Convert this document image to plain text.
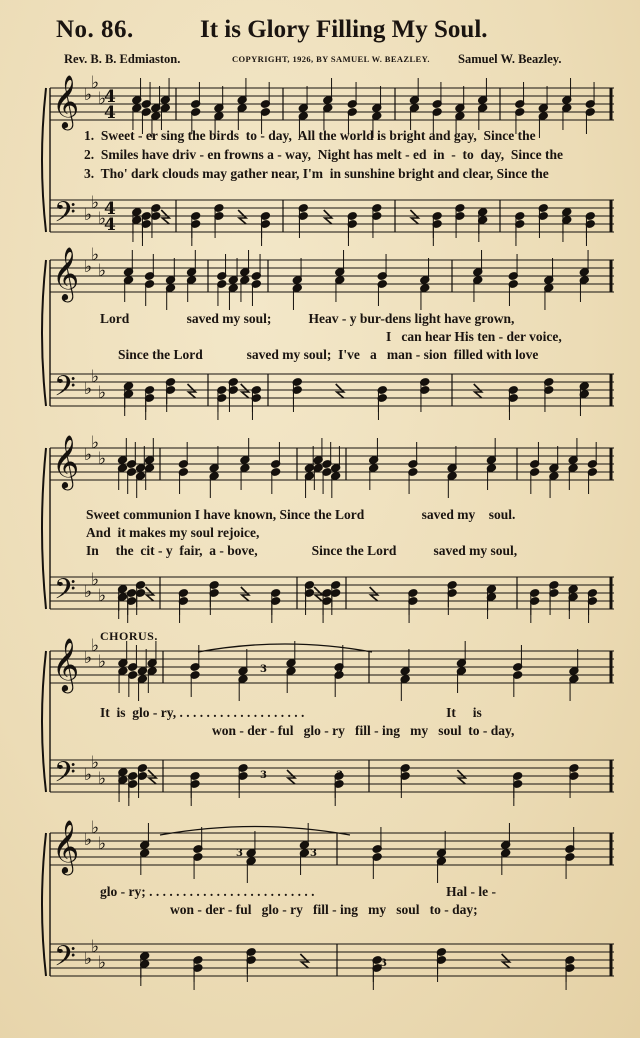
No. 86.	It is Glory Filling My Soul.
Rev. B. B. Edmiaston.	COPYRIGHT, 1926, BY SAMUEL W. BEAZLEY. Samuel W. Beazley.
𝄞
𝄢
♭
♭
♭
♭
♭
♭
4
4
4
4
𝄞
𝄢
♭
♭
♭
♭
♭
♭
𝄞
𝄢
♭
♭
♭
♭
♭
♭
𝄞
𝄢
♭
♭
♭
♭
♭
♭
𝄞
𝄢
♭
♭
♭
♭
♭
♭
3	3
3	3
3	3
3
1.  Sweet - er sing the birds  to - day,  All the world is bright and gay,  Since the
2.  Smiles have driv - en frowns a - way,  Night has melt - ed  in  -  to  day,  Since the
3.  Tho' dark clouds may gather near, I'm  in sunshine bright and clear, Since the
Lord                 saved my soul;           Heav - y bur-dens light have grown,
I   can hear His ten - der voice,
Since the Lord             saved my soul;  I've   a   man - sion  filled with love
Sweet communion I have known, Since the Lord                 saved my    soul.
And  it makes my soul rejoice,
In     the  cit - y  fair,  a - bove,                Since the Lord           saved my soul,
CHORUS.
It  is  glo - ry, . . . . . . . . . . . . . . . . . . .                                          It     is
won - der - ful   glo - ry   fill - ing   my   soul  to - day,
glo - ry; . . . . . . . . . . . . . . . . . . . . . . . . .                                       Hal - le -
won - der - ful   glo - ry   fill - ing   my   soul   to - day;
